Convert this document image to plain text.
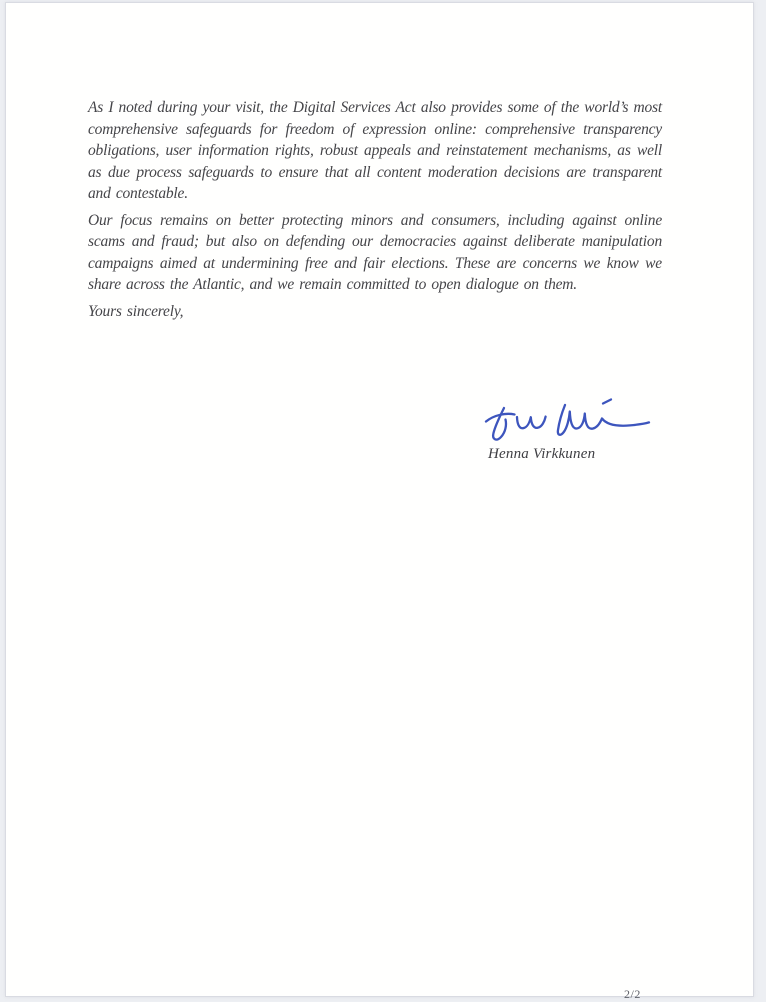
As I noted during your visit, the Digital Services Act also provides some of the world’s most comprehensive safeguards for freedom of expression online: comprehensive transparency obligations, user information rights, robust appeals and reinstatement mechanisms, as well as due process safeguards to ensure that all content moderation decisions are transparent and contestable.

Our focus remains on better protecting minors and consumers, including against online scams and fraud; but also on defending our democracies against deliberate manipulation campaigns aimed at undermining free and fair elections. These are concerns we know we share across the Atlantic, and we remain committed to open dialogue on them.

Yours sincerely,

Henna Virkkunen
2/2
